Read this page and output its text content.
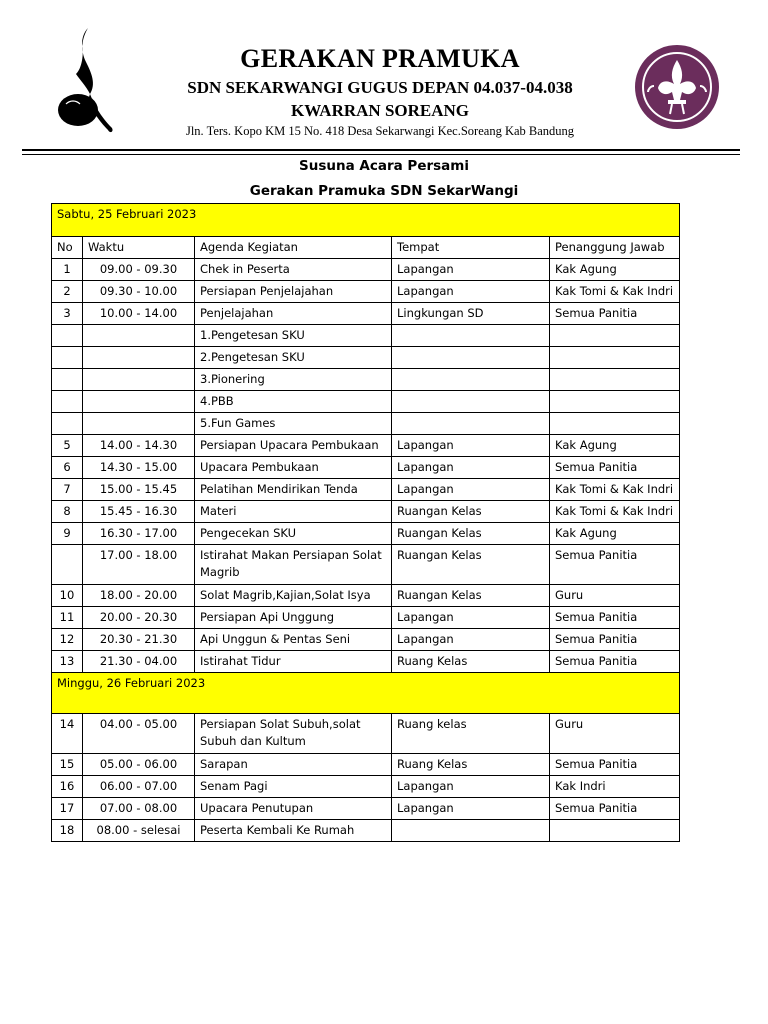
GERAKAN PRAMUKA
SDN SEKARWANGI GUGUS DEPAN 04.037-04.038
KWARRAN SOREANG
Jln. Ters. Kopo KM 15 No. 418 Desa Sekarwangi Kec.Soreang Kab Bandung
Susuna Acara Persami
Gerakan Pramuka SDN SekarWangi
Sabtu, 25 Februari 2023				
No	Waktu	Agenda Kegiatan	Tempat	Penanggung Jawab
1	09.00 - 09.30	Chek in Peserta	Lapangan	Kak Agung
2	09.30 - 10.00	Persiapan Penjelajahan	Lapangan	Kak Tomi & Kak Indri
3	10.00 - 14.00	Penjelajahan	Lingkungan SD	Semua Panitia
		1.Pengetesan SKU		
		2.Pengetesan SKU		
		3.Pionering		
		4.PBB		
		5.Fun Games		
5	14.00 - 14.30	Persiapan Upacara Pembukaan	Lapangan	Kak Agung
6	14.30 - 15.00	Upacara Pembukaan	Lapangan	Semua Panitia
7	15.00 - 15.45	Pelatihan Mendirikan Tenda	Lapangan	Kak Tomi & Kak Indri
8	15.45 - 16.30	Materi	Ruangan Kelas	Kak Tomi & Kak Indri
9	16.30 - 17.00	Pengecekan SKU	Ruangan Kelas	Kak Agung
	17.00 - 18.00	Istirahat Makan Persiapan Solat Magrib	Ruangan Kelas	Semua Panitia
10	18.00 - 20.00	Solat Magrib,Kajian,Solat Isya	Ruangan Kelas	Guru
11	20.00 - 20.30	Persiapan Api Unggung	Lapangan	Semua Panitia
12	20.30 - 21.30	Api Unggun & Pentas Seni	Lapangan	Semua Panitia
13	21.30 - 04.00	Istirahat Tidur	Ruang Kelas	Semua Panitia
Minggu, 26 Februari 2023				
14	04.00 - 05.00	Persiapan Solat Subuh,solat Subuh dan Kultum	Ruang kelas	Guru
15	05.00 - 06.00	Sarapan	Ruang Kelas	Semua Panitia
16	06.00 - 07.00	Senam Pagi	Lapangan	Kak Indri
17	07.00 - 08.00	Upacara Penutupan	Lapangan	Semua Panitia
18	08.00 - selesai	Peserta Kembali Ke Rumah		
